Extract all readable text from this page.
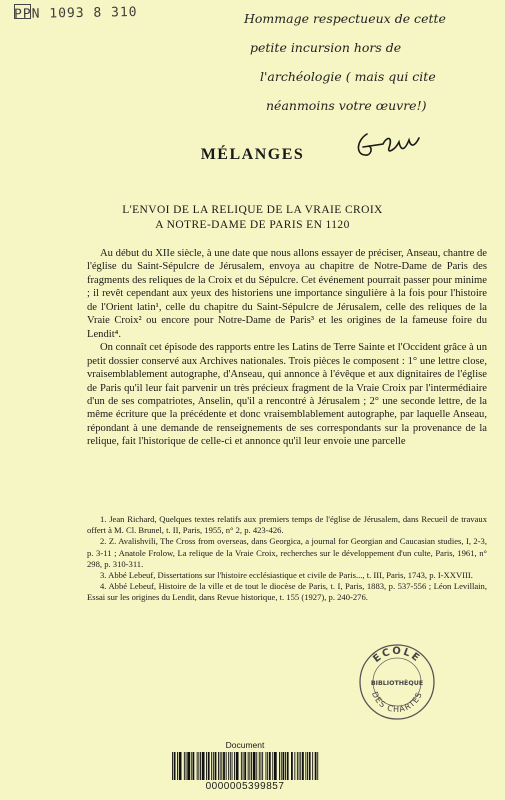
PPN 1093 8 310	Hommage respectueux de cette
petite incursion hors de
l'archéologie ( mais qui cite
néanmoins votre œuvre!)
MÉLANGES
L'ENVOI DE LA RELIQUE DE LA VRAIE CROIX
A NOTRE-DAME DE PARIS EN 1120

Au début du XIIe siècle, à une date que nous allons essayer de préciser, Anseau, chantre de l'église du Saint-Sépulcre de Jérusalem, envoya au chapitre de Notre-Dame de Paris des fragments des reliques de la Croix et du Sépulcre. Cet événement pourrait passer pour minime ; il revêt cependant aux yeux des historiens une importance singulière à la fois pour l'histoire de l'Orient latin¹, celle du chapitre du Saint-Sépulcre de Jérusalem, celle des reliques de la Vraie Croix² ou encore pour Notre-Dame de Paris³ et les origines de la fameuse foire du Lendit⁴.

On connaît cet épisode des rapports entre les Latins de Terre Sainte et l'Occident grâce à un petit dossier conservé aux Archives nationales. Trois pièces le composent : 1° une lettre close, vraisemblablement autographe, d'Anseau, qui annonce à l'évêque et aux dignitaires de l'église de Paris qu'il leur fait parvenir un très précieux fragment de la Vraie Croix par l'intermédiaire d'un de ses compatriotes, Anselin, qu'il a rencontré à Jérusalem ; 2° une seconde lettre, de la même écriture que la précédente et donc vraisemblablement autographe, par laquelle Anseau, répondant à une demande de renseignements de ses correspondants sur la provenance de la relique, fait l'historique de celle-ci et annonce qu'il leur envoie une parcelle

1. Jean Richard, Quelques textes relatifs aux premiers temps de l'église de Jérusalem, dans Recueil de travaux offert à M. Cl. Brunel, t. II, Paris, 1955, n° 2, p. 423-426.

2. Z. Avalishvili, The Cross from overseas, dans Georgica, a journal for Georgian and Caucasian studies, I, 2-3, p. 3-11 ; Anatole Frolow, La relique de la Vraie Croix, recherches sur le développement d'un culte, Paris, 1961, n° 298, p. 310-311.

3. Abbé Lebeuf, Dissertations sur l'histoire ecclésiastique et civile de Paris..., t. III, Paris, 1743, p. I-XXVIII.

4. Abbé Lebeuf, Histoire de la ville et de tout le diocèse de Paris, t. I, Paris, 1883, p. 537-556 ; Léon Levillain, Essai sur les origines du Lendit, dans Revue historique, t. 155 (1927), p. 240-276.

ÉCOLE
BIBLIOTHÈQUE
DES CHARTES
Document
0000005399857
